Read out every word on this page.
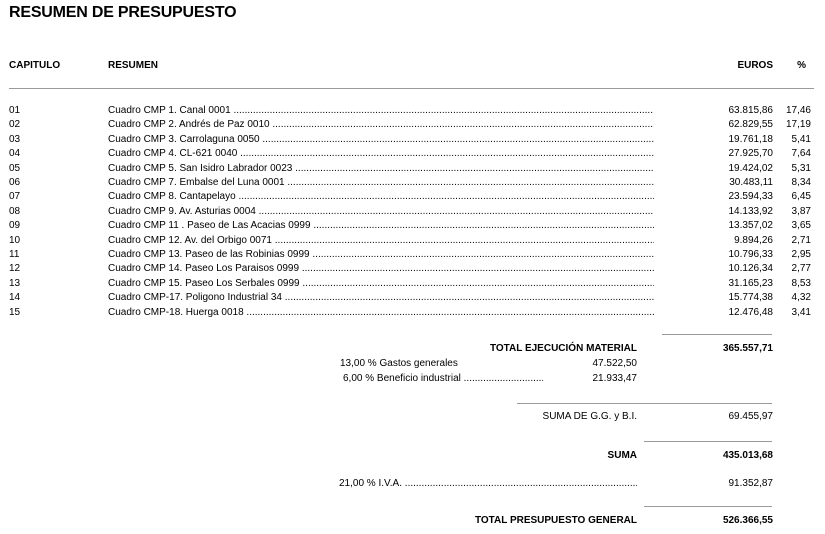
RESUMEN DE PRESUPUESTO
CAPITULO	RESUMEN	EUROS %
01	Cuadro CMP 1. Canal 0001 .....	63.815,86 17,46
02	Cuadro CMP 2. Andrés de Paz 0010 .....	62.829,55 17,19
03	Cuadro CMP 3. Carrolaguna 0050 .....	19.761,18 5,41
04	Cuadro CMP 4. CL-621 0040 .....	27.925,70 7,64
05	Cuadro CMP 5. San Isidro Labrador 0023 .....	19.424,02 5,31
06	Cuadro CMP 7. Embalse del Luna 0001 .....	30.483,11 8,34
07	Cuadro CMP 8. Cantapelayo .....	23.594,33 6,45
08	Cuadro CMP 9. Av. Asturias 0004 .....	14.133,92 3,87
09	Cuadro CMP 11 . Paseo de Las Acacias 0999 .....	13.357,02 3,65
10	Cuadro CMP 12. Av. del Orbigo 0071 .....	9.894,26 2,71
11	Cuadro CMP 13. Paseo de las Robinias 0999 .....	10.796,33 2,95
12	Cuadro CMP 14. Paseo Los Paraisos 0999 .....	10.126,34 2,77
13	Cuadro CMP 15. Paseo Los Serbales 0999 .....	31.165,23 8,53
14	Cuadro CMP-17. Poligono Industrial 34 .....	15.774,38 4,32
15	Cuadro CMP-18. Huerga 0018 .....	12.476,48 3,41
TOTAL EJECUCIÓN MATERIAL	365.557,71
13,00 % Gastos generales	47.522,50
6,00 % Beneficio industrial .....	21.933,47
SUMA DE G.G. y B.I.	69.455,97
SUMA	435.013,68
21,00 % I.V.A. .....	91.352,87
TOTAL PRESUPUESTO GENERAL	526.366,55
